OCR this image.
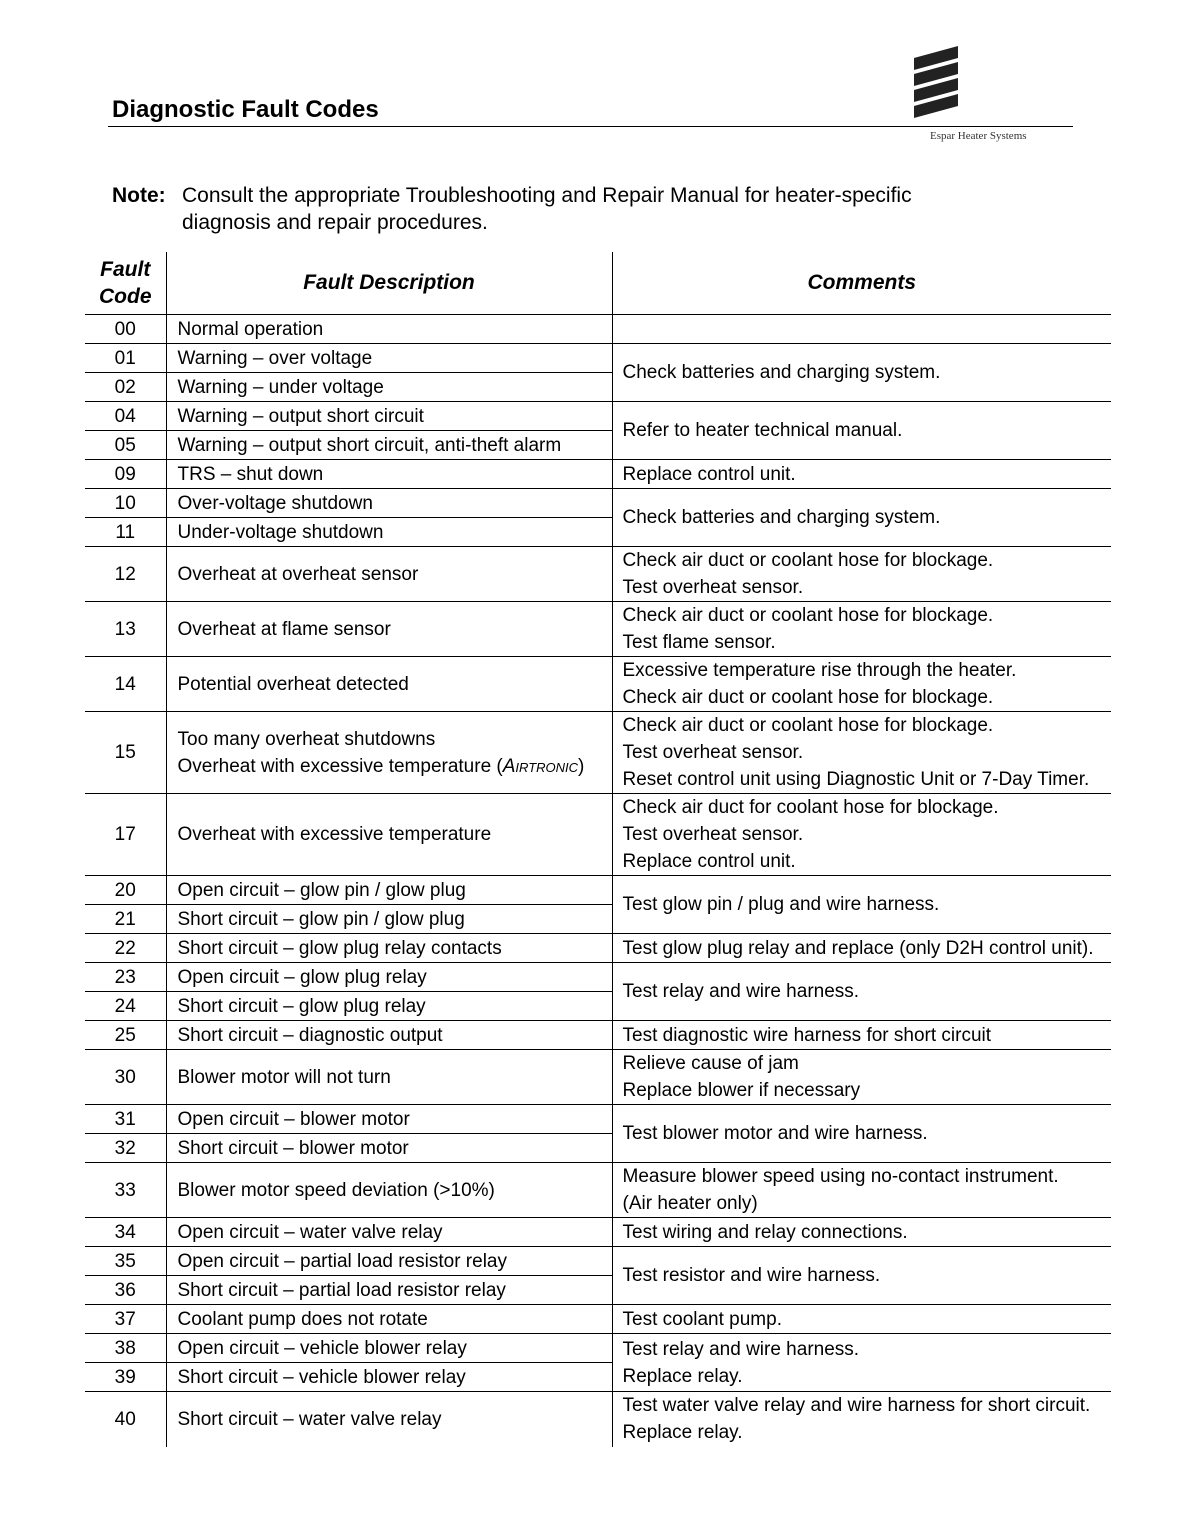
Diagnostic Fault Codes
Espar Heater Systems
Note: Consult the appropriate Troubleshooting and Repair Manual for heater-specific
diagnosis and repair procedures.
Fault
Code	Fault Description	Comments
00	Normal operation	

01	Warning – over voltage	Check batteries and charging system.

02	Warning – under voltage	
04	Warning – output short circuit	Refer to heater technical manual.

05	Warning – output short circuit, anti-theft alarm	
09	TRS – shut down	Replace control unit.

10	Over-voltage shutdown	Check batteries and charging system.

11	Under-voltage shutdown	
12	Overheat at overheat sensor	Check air duct or coolant hose for blockage.
Test overheat sensor.

13	Overheat at flame sensor	Check air duct or coolant hose for blockage.
Test flame sensor.

14	Potential overheat detected	Excessive temperature rise through the heater.
Check air duct or coolant hose for blockage.

15	Too many overheat shutdowns
Overheat with excessive temperature (Airtronic)	Check air duct or coolant hose for blockage.
Test overheat sensor.
Reset control unit using Diagnostic Unit or 7-Day Timer.

17	Overheat with excessive temperature	Check air duct for coolant hose for blockage.
Test overheat sensor.
Replace control unit.

20	Open circuit – glow pin / glow plug	Test glow pin / plug and wire harness.

21	Short circuit – glow pin / glow plug	
22	Short circuit – glow plug relay contacts	Test glow plug relay and replace (only D2H control unit).

23	Open circuit – glow plug relay	Test relay and wire harness.

24	Short circuit – glow plug relay	
25	Short circuit – diagnostic output	Test diagnostic wire harness for short circuit

30	Blower motor will not turn	Relieve cause of jam
Replace blower if necessary

31	Open circuit – blower motor	Test blower motor and wire harness.

32	Short circuit – blower motor	
33	Blower motor speed deviation (>10%)	Measure blower speed using no-contact instrument.
(Air heater only)

34	Open circuit – water valve relay	Test wiring and relay connections.

35	Open circuit – partial load resistor relay	Test resistor and wire harness.

36	Short circuit – partial load resistor relay	
37	Coolant pump does not rotate	Test coolant pump.

38	Open circuit – vehicle blower relay	Test relay and wire harness.
Replace relay.

39	Short circuit – vehicle blower relay	
40	Short circuit – water valve relay	Test water valve relay and wire harness for short circuit.
Replace relay.
